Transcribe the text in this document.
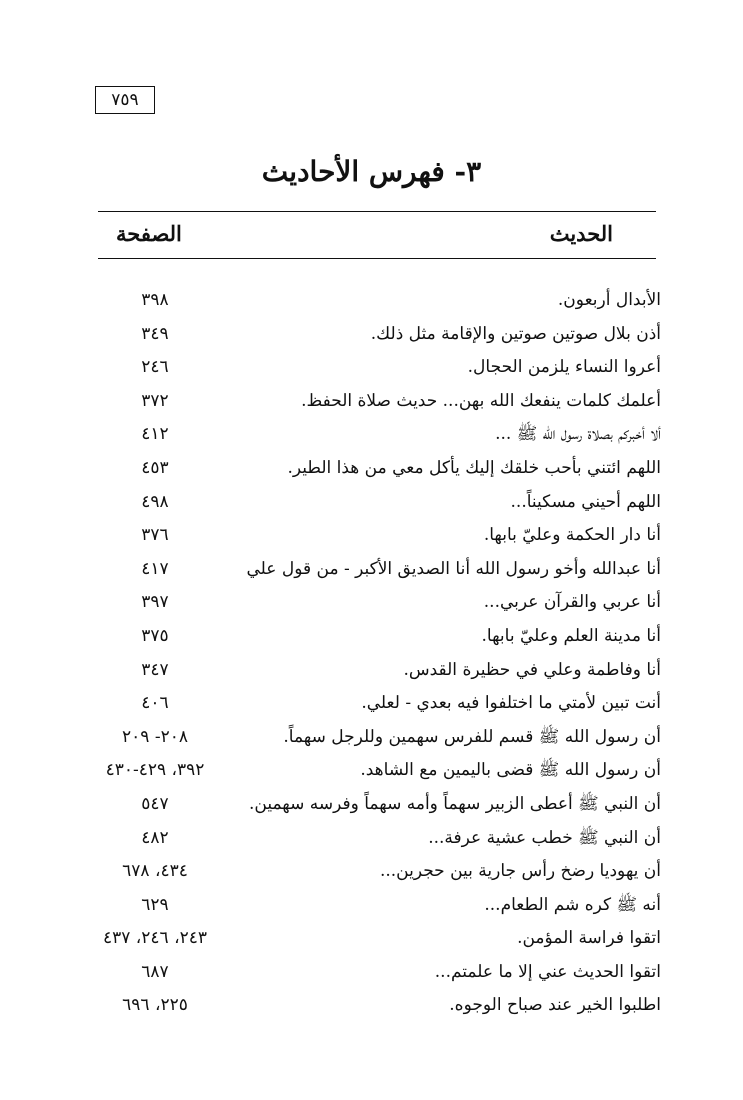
٧٥٩
٣- فهرس الأحاديث
الحديث
الصفحة
الأبدال أربعون.
٣٩٨
أذن بلال صوتين صوتين والإقامة مثل ذلك.
٣٤٩
أعروا النساء يلزمن الحجال.
٢٤٦
أعلمك كلمات ينفعك الله بهن... حديث صلاة الحفظ.
٣٧٢
ألا أخبركم بصلاة رسول الله ﷺ ...
٤١٢
اللهم ائتني بأحب خلقك إليك يأكل معي من هذا الطير.
٤٥٣
اللهم أحيني مسكيناً...
٤٩٨
أنا دار الحكمة وعليّ بابها.
٣٧٦
أنا عبدالله وأخو رسول الله أنا الصديق الأكبر - من قول علي
٤١٧
أنا عربي والقرآن عربي...
٣٩٧
أنا مدينة العلم وعليّ بابها.
٣٧٥
أنا وفاطمة وعلي في حظيرة القدس.
٣٤٧
أنت تبين لأمتي ما اختلفوا فيه بعدي - لعلي.
٤٠٦
أن رسول الله ﷺ قسم للفرس سهمين وللرجل سهماً.
٢٠٨- ٢٠٩
أن رسول الله ﷺ قضى باليمين مع الشاهد.
٣٩٢، ٤٢٩-٤٣٠
أن النبي ﷺ أعطى الزبير سهماً وأمه سهماً وفرسه سهمين.
٥٤٧
أن النبي ﷺ خطب عشية عرفة...
٤٨٢
أن يهوديا رضخ رأس جارية بين حجرين...
٤٣٤، ٦٧٨
أنه ﷺ كره شم الطعام...
٦٢٩
اتقوا فراسة المؤمن.
٢٤٣، ٢٤٦، ٤٣٧
اتقوا الحديث عني إلا ما علمتم...
٦٨٧
اطلبوا الخير عند صباح الوجوه.
٢٢٥، ٦٩٦
